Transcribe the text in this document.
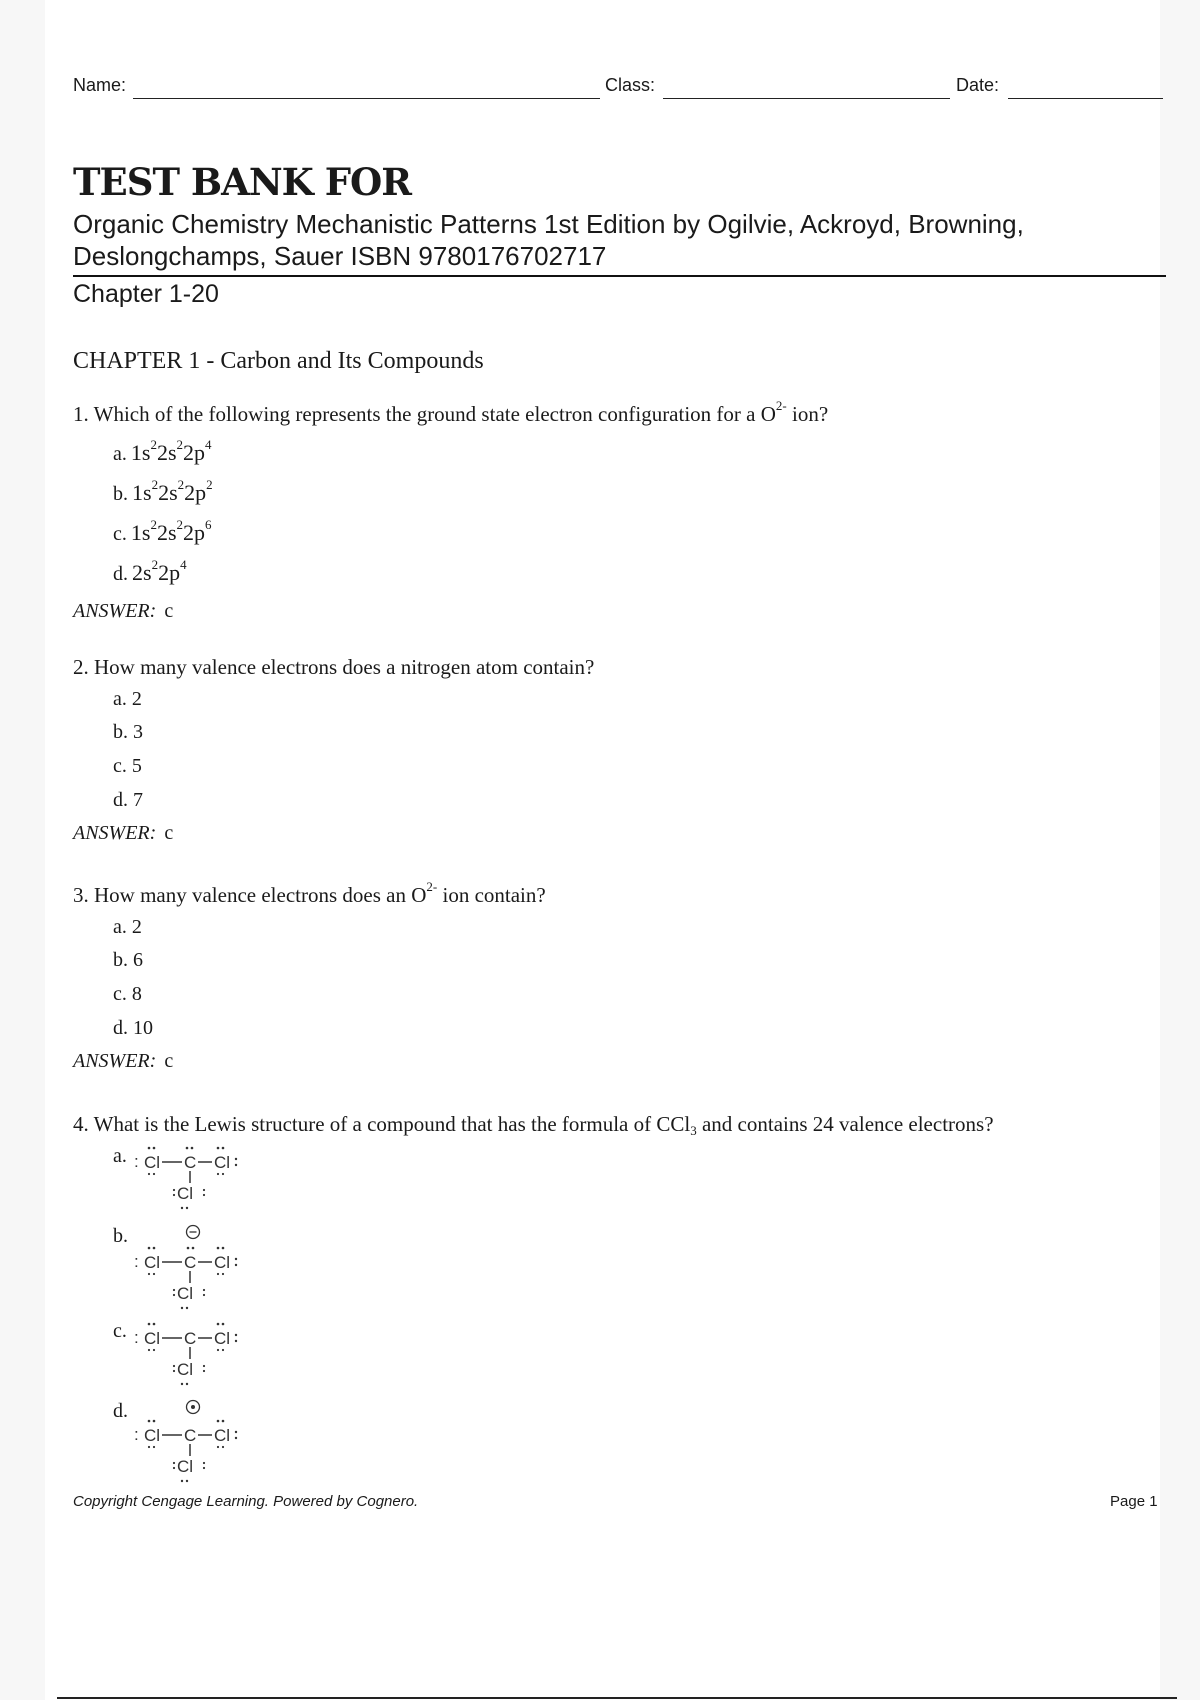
Name:	Class:	Date:
TEST BANK FOR
Organic Chemistry Mechanistic Patterns 1st Edition by Ogilvie, Ackroyd, Browning, Deslongchamps, Sauer ISBN 9780176702717
Chapter 1-20
CHAPTER 1 - Carbon and Its Compounds
1. Which of the following represents the ground state electron configuration for a $O^{2-}$ ion?
a. $1s^22s^22p^4$
b. $1s^22s^22p^2$
c. $1s^22s^22p^6$
d. $2s^22p^4$
ANSWER: c
2. How many valence electrons does a nitrogen atom contain?
a. 2
b. 3
c. 5
d. 7
ANSWER: c
3. How many valence electrons does an $O^{2-}$ ion contain?
a. 2
b. 6
c. 8
d. 10
ANSWER: c
4. What is the Lewis structure of a compound that has the formula of CCl$_3$ and contains 24 valence electrons?
a.
b.
c.
d.
: Cl C Cl
Cl
: Cl C Cl
Cl
: Cl C Cl
Cl
: Cl C Cl
Cl
Copyright Cengage Learning. Powered by Cognero.	Page 1
